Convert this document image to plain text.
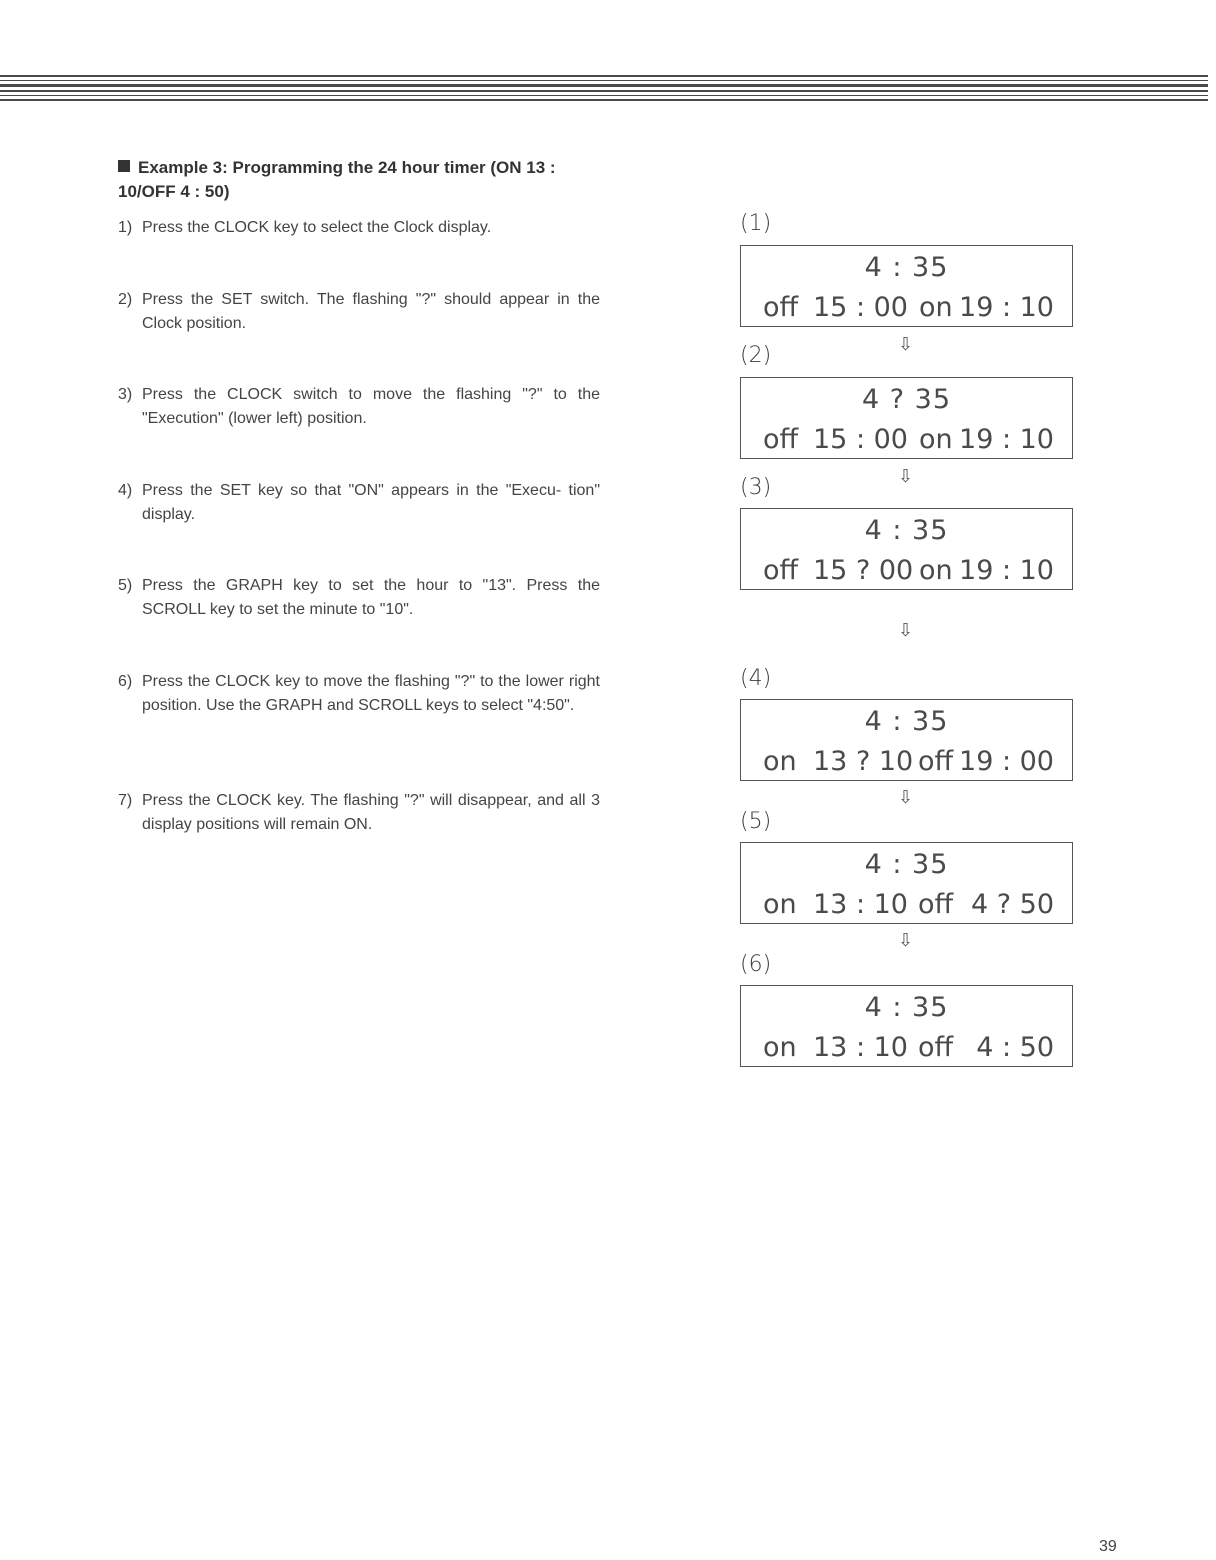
Example 3: Programming the 24 hour timer (ON 13 : 10/OFF 4 : 50)
1) Press the CLOCK key to select the Clock display.
2) Press the SET switch. The flashing "?" should appear in the Clock position.
3) Press the CLOCK switch to move the flashing "?" to the "Execution" (lower left) position.
4) Press the SET key so that "ON" appears in the "Execu- tion" display.
5) Press the GRAPH key to set the hour to "13". Press the SCROLL key to set the minute to "10".
6) Press the CLOCK key to move the flashing "?" to the lower right position. Use the GRAPH and SCROLL keys to select "4:50".
7) Press the CLOCK key. The flashing "?" will disappear, and all 3 display positions will remain ON.
(1)
4 : 35
off 15 : 00 on 19 : 10
⇩
(2)
4 ? 35
off 15 : 00 on 19 : 10
⇩
(3)
4 : 35
off 15 ? 00 on 19 : 10
⇩
(4)
4 : 35
on 13 ? 10 off 19 : 00
⇩
(5)
4 : 35
on 13 : 10 off 4 ? 50
⇩
(6)
4 : 35
on 13 : 10 off 4 : 50
39
